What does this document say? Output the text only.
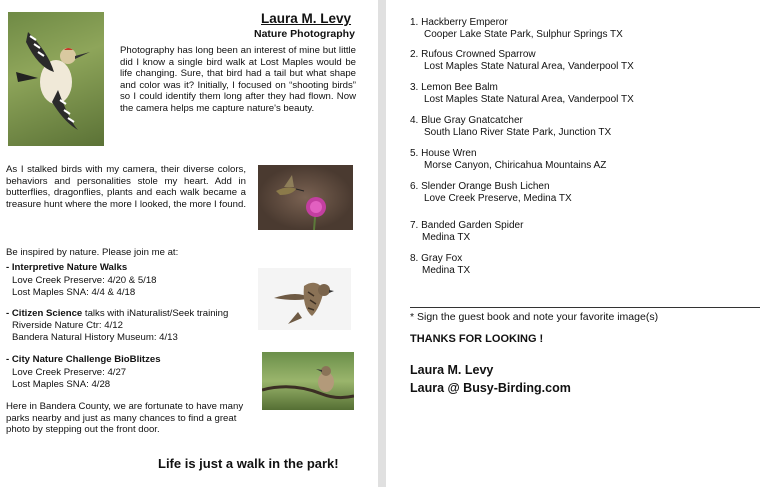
Laura M. Levy
Nature Photography
Photography has long been an interest of mine but little did I know a single bird walk at Lost Maples would be life changing. Sure, that bird had a tail but what shape and color was it? Initially, I focused on “shooting birds” so I could identify them long after they had flown. Now the camera helps me capture nature's beauty.
As I stalked birds with my camera, their diverse colors, behaviors and personalities stole my heart. Add in butterflies, dragonflies, plants and each walk became a treasure hunt where the more I looked, the more I found.
Be inspired by nature. Please join me at:
- Interpretive Nature Walks
Love Creek Preserve: 4/20 & 5/18
Lost Maples SNA: 4/4 & 4/18
- Citizen Science talks with iNaturalist/Seek training
Riverside Nature Ctr: 4/12
Bandera Natural History Museum: 4/13
- City Nature Challenge BioBlitzes
Love Creek Preserve: 4/27
Lost Maples SNA: 4/28
Here in Bandera County, we are fortunate to have many parks nearby and just as many chances to find a great photo by stepping out the front door.
Life is just a walk in the park!
1. Hackberry Emperor
Cooper Lake State Park, Sulphur Springs TX
2. Rufous Crowned Sparrow
Lost Maples State Natural Area, Vanderpool TX
3. Lemon Bee Balm
Lost Maples State Natural Area, Vanderpool TX
4. Blue Gray Gnatcatcher
South Llano River State Park, Junction TX
5. House Wren
Morse Canyon, Chiricahua Mountains AZ
6. Slender Orange Bush Lichen
Love Creek Preserve, Medina TX
7. Banded Garden Spider
Medina TX
8. Gray Fox
Medina TX
* Sign the guest book and note your favorite image(s)
THANKS FOR LOOKING !
Laura M. Levy
Laura @ Busy-Birding.com
